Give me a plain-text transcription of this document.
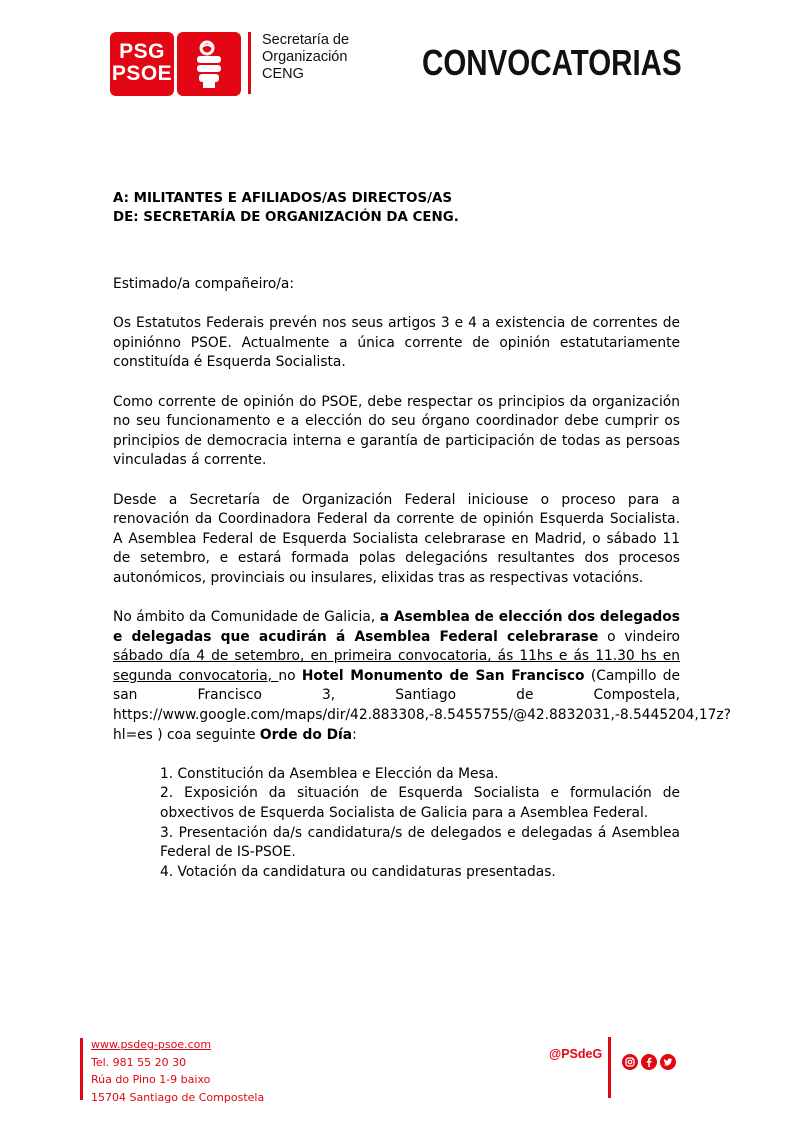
PSG
PSOE
Secretaría de
Organización
CENG	CONVOCATORIAS

A: MILITANTES E AFILIADOS/AS DIRECTOS/AS
DE: SECRETARÍA DE ORGANIZACIÓN DA CENG.

Estimado/a compañeiro/a:

Os Estatutos Federais prevén nos seus artigos 3 e 4 a existencia de correntes de opiniónno PSOE. Actualmente a única corrente de opinión estatutariamente constituída é Esquerda Socialista.

Como corrente de opinión do PSOE, debe respectar os principios da organización no seu funcionamento e a elección do seu órgano coordinador debe cumprir os principios de democracia interna e garantía de participación de todas as persoas vinculadas á corrente.

Desde a Secretaría de Organización Federal iniciouse o proceso para a renovación da Coordinadora Federal da corrente de opinión Esquerda Socialista. A Asemblea Federal de Esquerda Socialista celebrarase en Madrid, o sábado 11 de setembro, e estará formada polas delegacións resultantes dos procesos autonómicos, provinciais ou insulares, elixidas tras as respectivas votacións.

No ámbito da Comunidade de Galicia, a Asemblea de elección dos delegados e delegadas que acudirán á Asemblea Federal celebrarase o vindeiro sábado día 4 de setembro, en primeira convocatoria, ás 11hs e ás 11.30 hs en segunda convocatoria, no Hotel Monumento de San Francisco (Campillo de san Francisco 3, Santiago de Compostela, https://www.google.com/maps/dir/42.883308,-8.5455755/@42.8832031,-8.5445204,17z?hl=es ) coa seguinte Orde do Día:

1. Constitución da Asemblea e Elección da Mesa.
2. Exposición da situación de Esquerda Socialista e formulación de obxectivos de Esquerda Socialista de Galicia para a Asemblea Federal.
3. Presentación da/s candidatura/s de delegados e delegadas á Asemblea Federal de IS-PSOE.
4. Votación da candidatura ou candidaturas presentadas.
www.psdeg-psoe.com
Tel. 981 55 20 30
Rúa do Pino 1-9 baixo
15704 Santiago de Compostela
@PSdeG
